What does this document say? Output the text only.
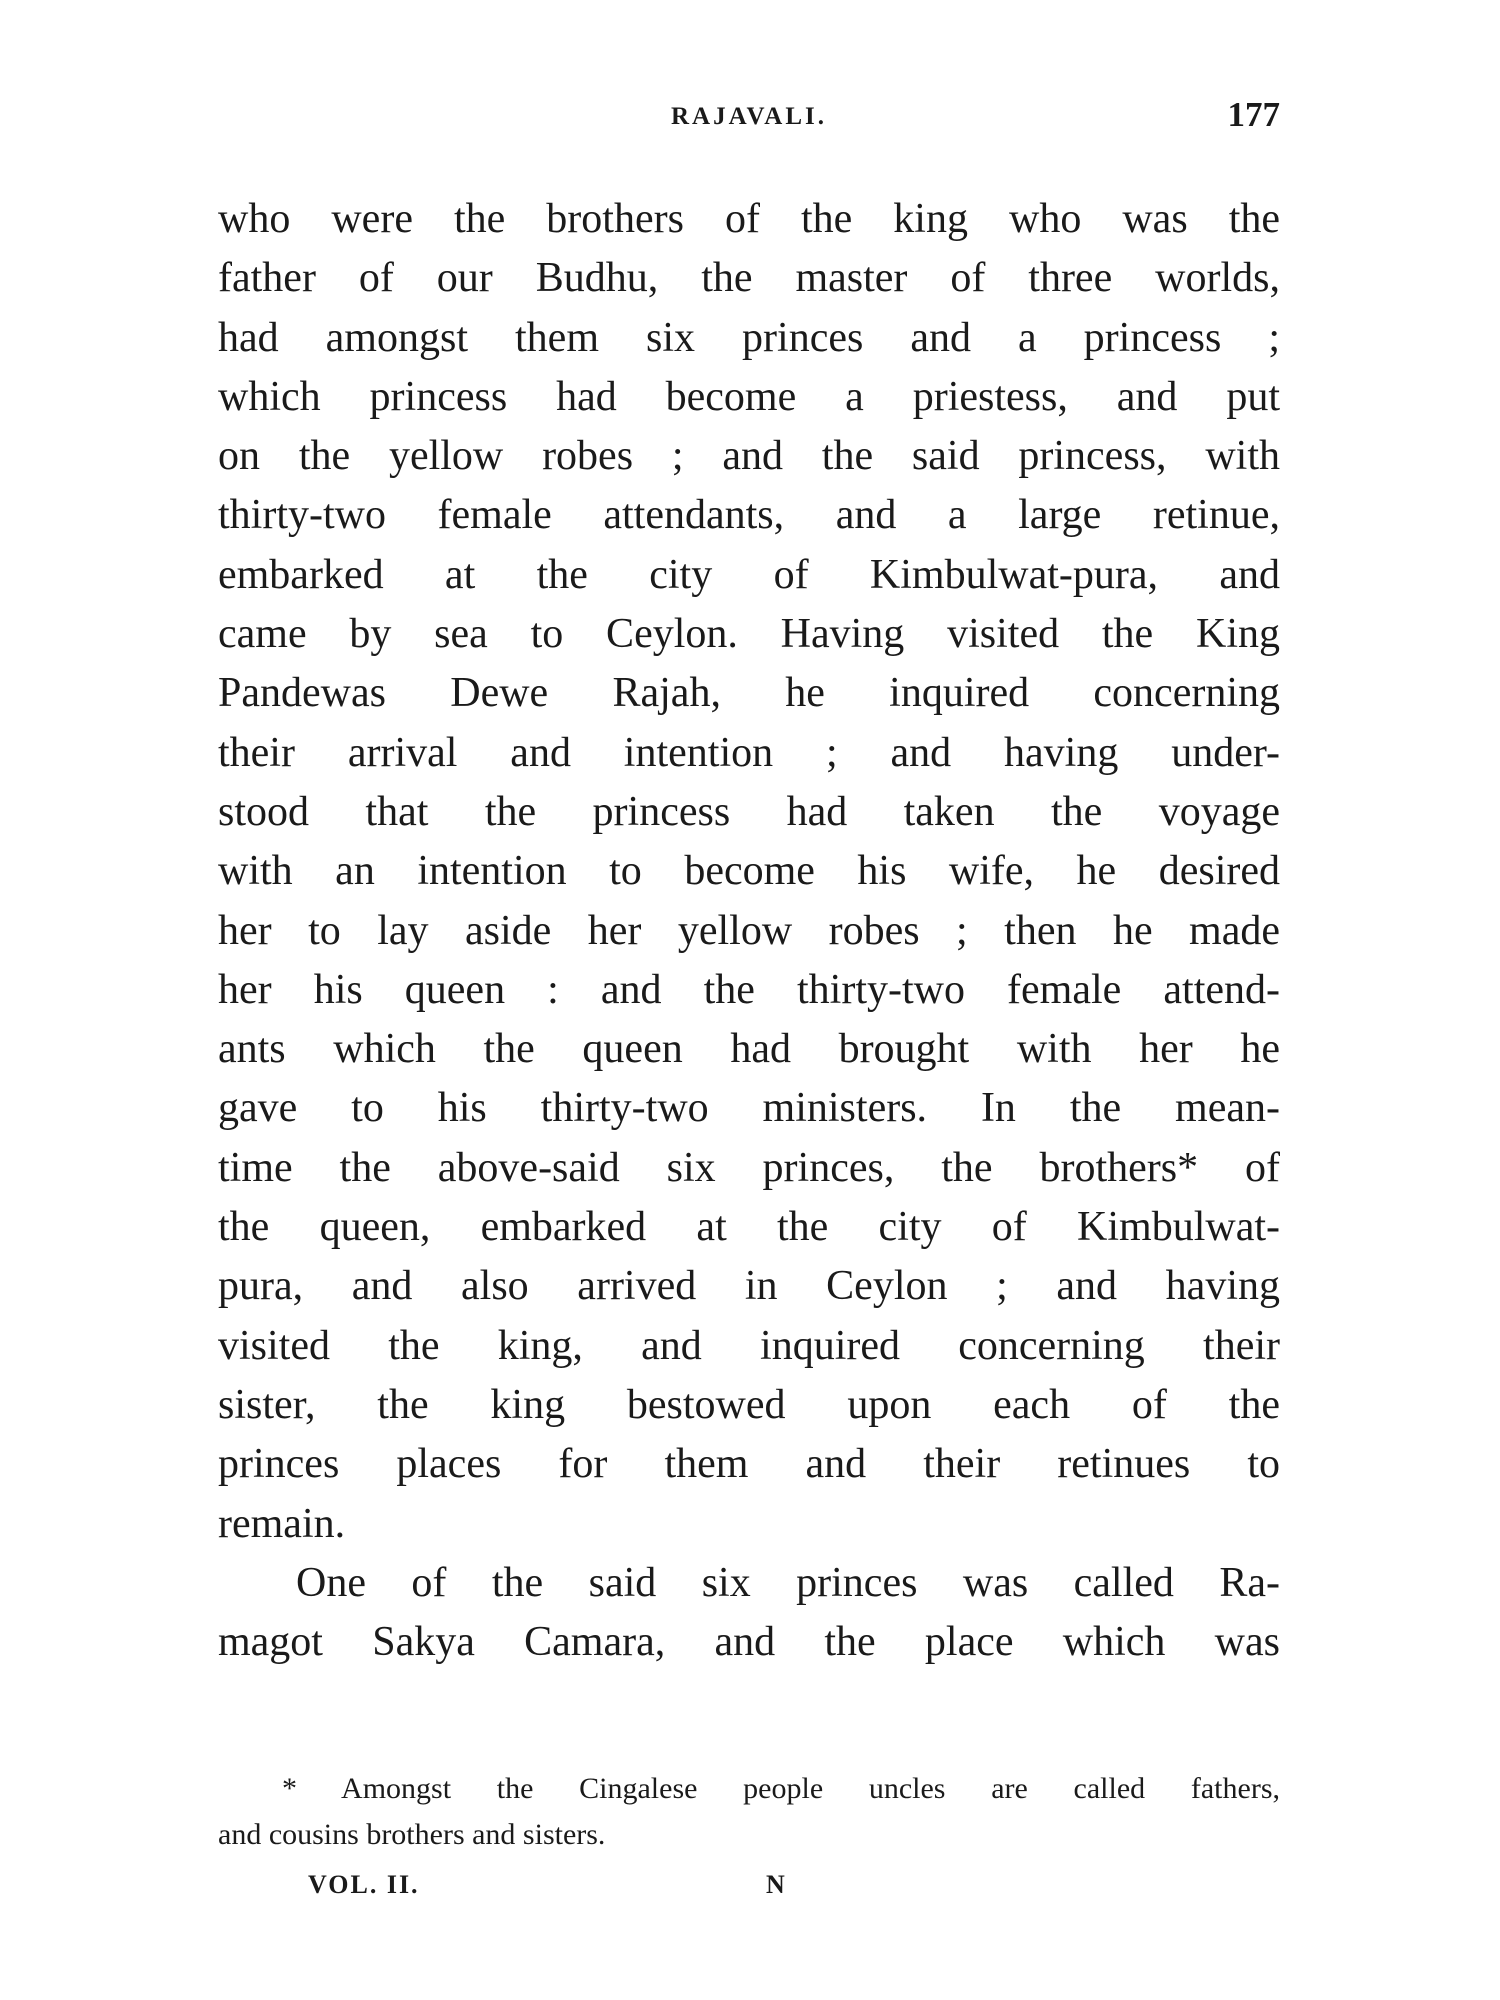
RAJAVALI.	177
who were the brothers of the king who was the
father of our Budhu, the master of three worlds,
had amongst them six princes and a princess ;
which princess had become a priestess, and put
on the yellow robes ; and the said princess, with
thirty-two female attendants, and a large retinue,
embarked at the city of Kimbulwat-pura, and
came by sea to Ceylon. Having visited the King
Pandewas Dewe Rajah, he inquired concerning
their arrival and intention ; and having under-
stood that the princess had taken the voyage
with an intention to become his wife, he desired
her to lay aside her yellow robes ; then he made
her his queen : and the thirty-two female attend-
ants which the queen had brought with her he
gave to his thirty-two ministers. In the mean-
time the above-said six princes, the brothers* of
the queen, embarked at the city of Kimbulwat-
pura, and also arrived in Ceylon ; and having
visited the king, and inquired concerning their
sister, the king bestowed upon each of the
princes places for them and their retinues to
remain.
One of the said six princes was called Ra-
magot Sakya Camara, and the place which was
* Amongst the Cingalese people uncles are called fathers,
and cousins brothers and sisters.
VOL. II.	N
